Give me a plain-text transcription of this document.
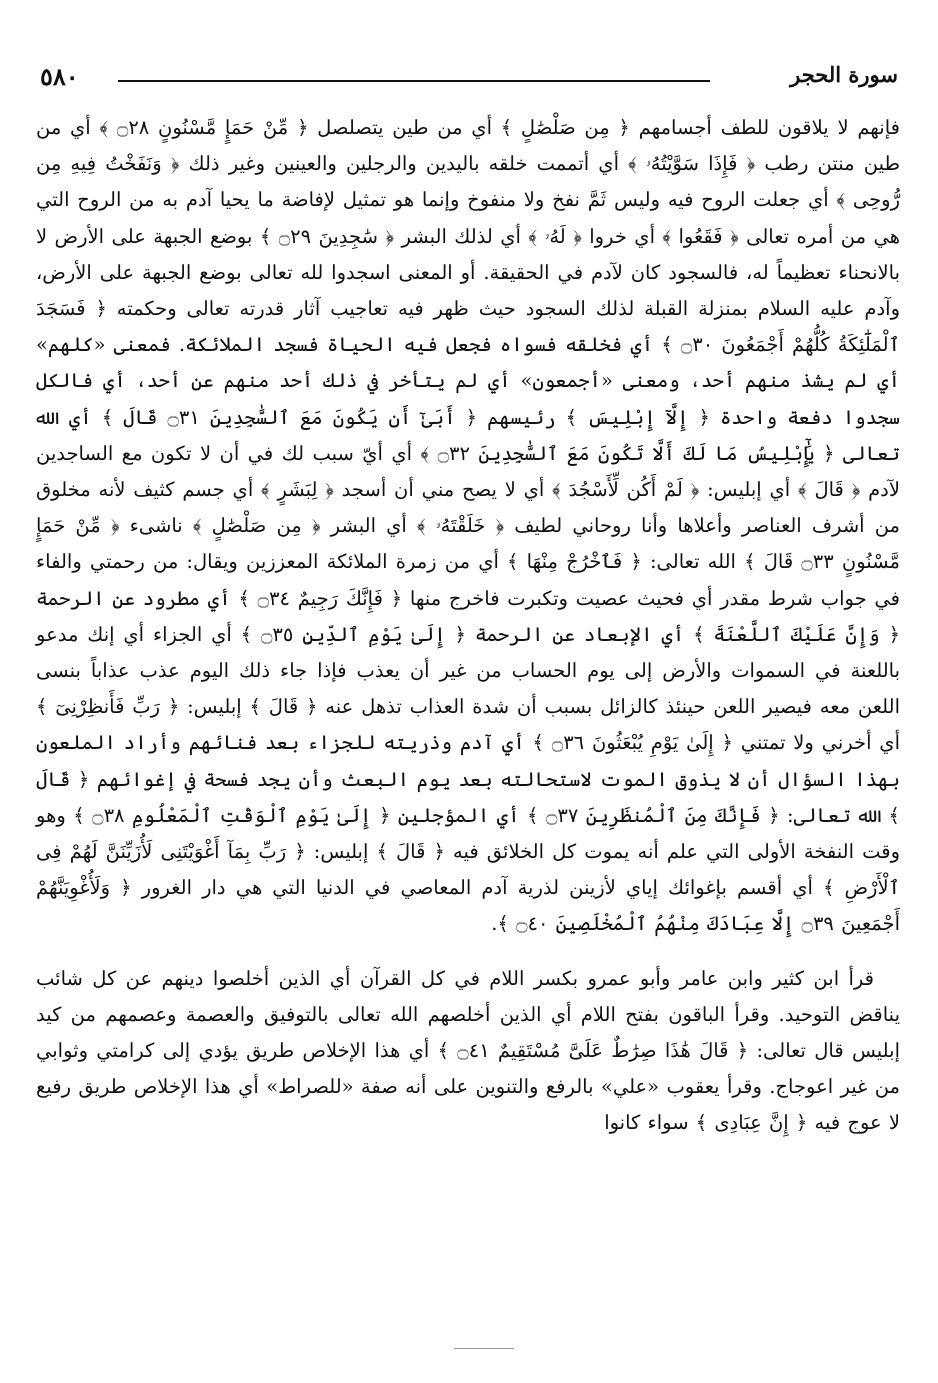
٥٨٠	سورة الحجر

فإنهم لا يلاقون للطف أجسامهم ﴿ مِن صَلْصَٰلٍ ﴾ أي من طين يتصلصل ﴿ مِّنْ حَمَإٍ مَّسْنُونٍ ۝٢٨ ﴾ أي من طين منتن رطب ﴿ فَإِذَا سَوَّيْتُهُۥ ﴾ أي أتممت خلقه باليدين والرجلين والعينين وغير ذلك ﴿ وَنَفَخْتُ فِيهِ مِن رُّوحِى ﴾ أي جعلت الروح فيه وليس ثَمَّ نفخ ولا منفوخ وإنما هو تمثيل لإفاضة ما يحيا آدم به من الروح التي هي من أمره تعالى ﴿ فَقَعُوا ﴾ أي خروا ﴿ لَهُۥ ﴾ أي لذلك البشر ﴿ سَٰجِدِينَ ۝٢٩ ﴾ بوضع الجبهة على الأرض لا بالانحناء تعظيماً له، فالسجود كان لآدم في الحقيقة. أو المعنى اسجدوا لله تعالى بوضع الجبهة على الأرض، وآدم عليه السلام بمنزلة القبلة لذلك السجود حيث ظهر فيه تعاجيب آثار قدرته تعالى وحكمته ﴿ فَسَجَدَ ٱلْمَلَٰٓئِكَةُ كُلُّهُمْ أَجْمَعُونَ ۝٣٠ ﴾ أي فخلقه فسواه فجعل فيه الحياة فسجد الملائكة. فمعنى «كلهم» أي لم يشذ منهم أحد، ومعنى «أجمعون» أي لم يتأخر في ذلك أحد منهم عن أحد، أي فالكل سجدوا دفعة واحدة ﴿ إِلَّآ إِبْلِيسَ ﴾ رئيسهم ﴿ أَبَىٰٓ أَن يَكُونَ مَعَ ٱلسَّٰجِدِينَ ۝٣١ قَالَ ﴾ أي الله تعالى ﴿ يَٰٓإِبْلِيسُ مَا لَكَ أَلَّا تَكُونَ مَعَ ٱلسَّٰجِدِينَ ۝٣٢ ﴾ أي أيّ سبب لك في أن لا تكون مع الساجدين لآدم ﴿ قَالَ ﴾ أي إبليس: ﴿ لَمْ أَكُن لِّأَسْجُدَ ﴾ أي لا يصح مني أن أسجد ﴿ لِبَشَرٍ ﴾ أي جسم كثيف لأنه مخلوق من أشرف العناصر وأعلاها وأنا روحاني لطيف ﴿ خَلَقْتَهُۥ ﴾ أي البشر ﴿ مِن صَلْصَٰلٍ ﴾ ناشىء ﴿ مِّنْ حَمَإٍ مَّسْنُونٍ ۝٣٣ قَالَ ﴾ الله تعالى: ﴿ فَٱخْرُجْ مِنْهَا ﴾ أي من زمرة الملائكة المعززين ويقال: من رحمتي والفاء في جواب شرط مقدر أي فحيث عصيت وتكبرت فاخرج منها ﴿ فَإِنَّكَ رَجِيمٌ ۝٣٤ ﴾ أي مطرود عن الرحمة ﴿ وَإِنَّ عَلَيْكَ ٱللَّعْنَةَ ﴾ أي الإبعاد عن الرحمة ﴿ إِلَىٰ يَوْمِ ٱلدِّينِ ۝٣٥ ﴾ أي الجزاء أي إنك مدعو باللعنة في السموات والأرض إلى يوم الحساب من غير أن يعذب فإذا جاء ذلك اليوم عذب عذاباً بنسى اللعن معه فيصير اللعن حينئذ كالزائل بسبب أن شدة العذاب تذهل عنه ﴿ قَالَ ﴾ إبليس: ﴿ رَبِّ فَأَنظِرْنِىٓ ﴾ أي أخرني ولا تمتني ﴿ إِلَىٰ يَوْمِ يُبْعَثُونَ ۝٣٦ ﴾ أي آدم وذريته للجزاء بعد فنائهم وأراد الملعون بهذا السؤال أن لا يذوق الموت لاستحالته بعد يوم البعث وأن يجد فسحة في إغوائهم ﴿ قَالَ ﴾ الله تعالى: ﴿ فَإِنَّكَ مِنَ ٱلْمُنظَرِينَ ۝٣٧ ﴾ أي المؤجلين ﴿ إِلَىٰ يَوْمِ ٱلْوَقْتِ ٱلْمَعْلُومِ ۝٣٨ ﴾ وهو وقت النفخة الأولى التي علم أنه يموت كل الخلائق فيه ﴿ قَالَ ﴾ إبليس: ﴿ رَبِّ بِمَآ أَغْوَيْتَنِى لَأُزَيِّنَنَّ لَهُمْ فِى ٱلْأَرْضِ ﴾ أي أقسم بإغوائك إياي لأزينن لذرية آدم المعاصي في الدنيا التي هي دار الغرور ﴿ وَلَأُغْوِيَنَّهُمْ أَجْمَعِينَ ۝٣٩ إِلَّا عِبَادَكَ مِنْهُمُ ٱلْمُخْلَصِينَ ۝٤٠ ﴾.

قرأ ابن كثير وابن عامر وأبو عمرو بكسر اللام في كل القرآن أي الذين أخلصوا دينهم عن كل شائب يناقض التوحيد. وقرأ الباقون بفتح اللام أي الذين أخلصهم الله تعالى بالتوفيق والعصمة وعصمهم من كيد إبليس قال تعالى: ﴿ قَالَ هَٰذَا صِرَٰطٌ عَلَىَّ مُسْتَقِيمٌ ۝٤١ ﴾ أي هذا الإخلاص طريق يؤدي إلى كرامتي وثوابي من غير اعوجاج. وقرأ يعقوب «علي» بالرفع والتنوين على أنه صفة «للصراط» أي هذا الإخلاص طريق رفيع لا عوج فيه ﴿ إِنَّ عِبَادِى ﴾ سواء كانوا
